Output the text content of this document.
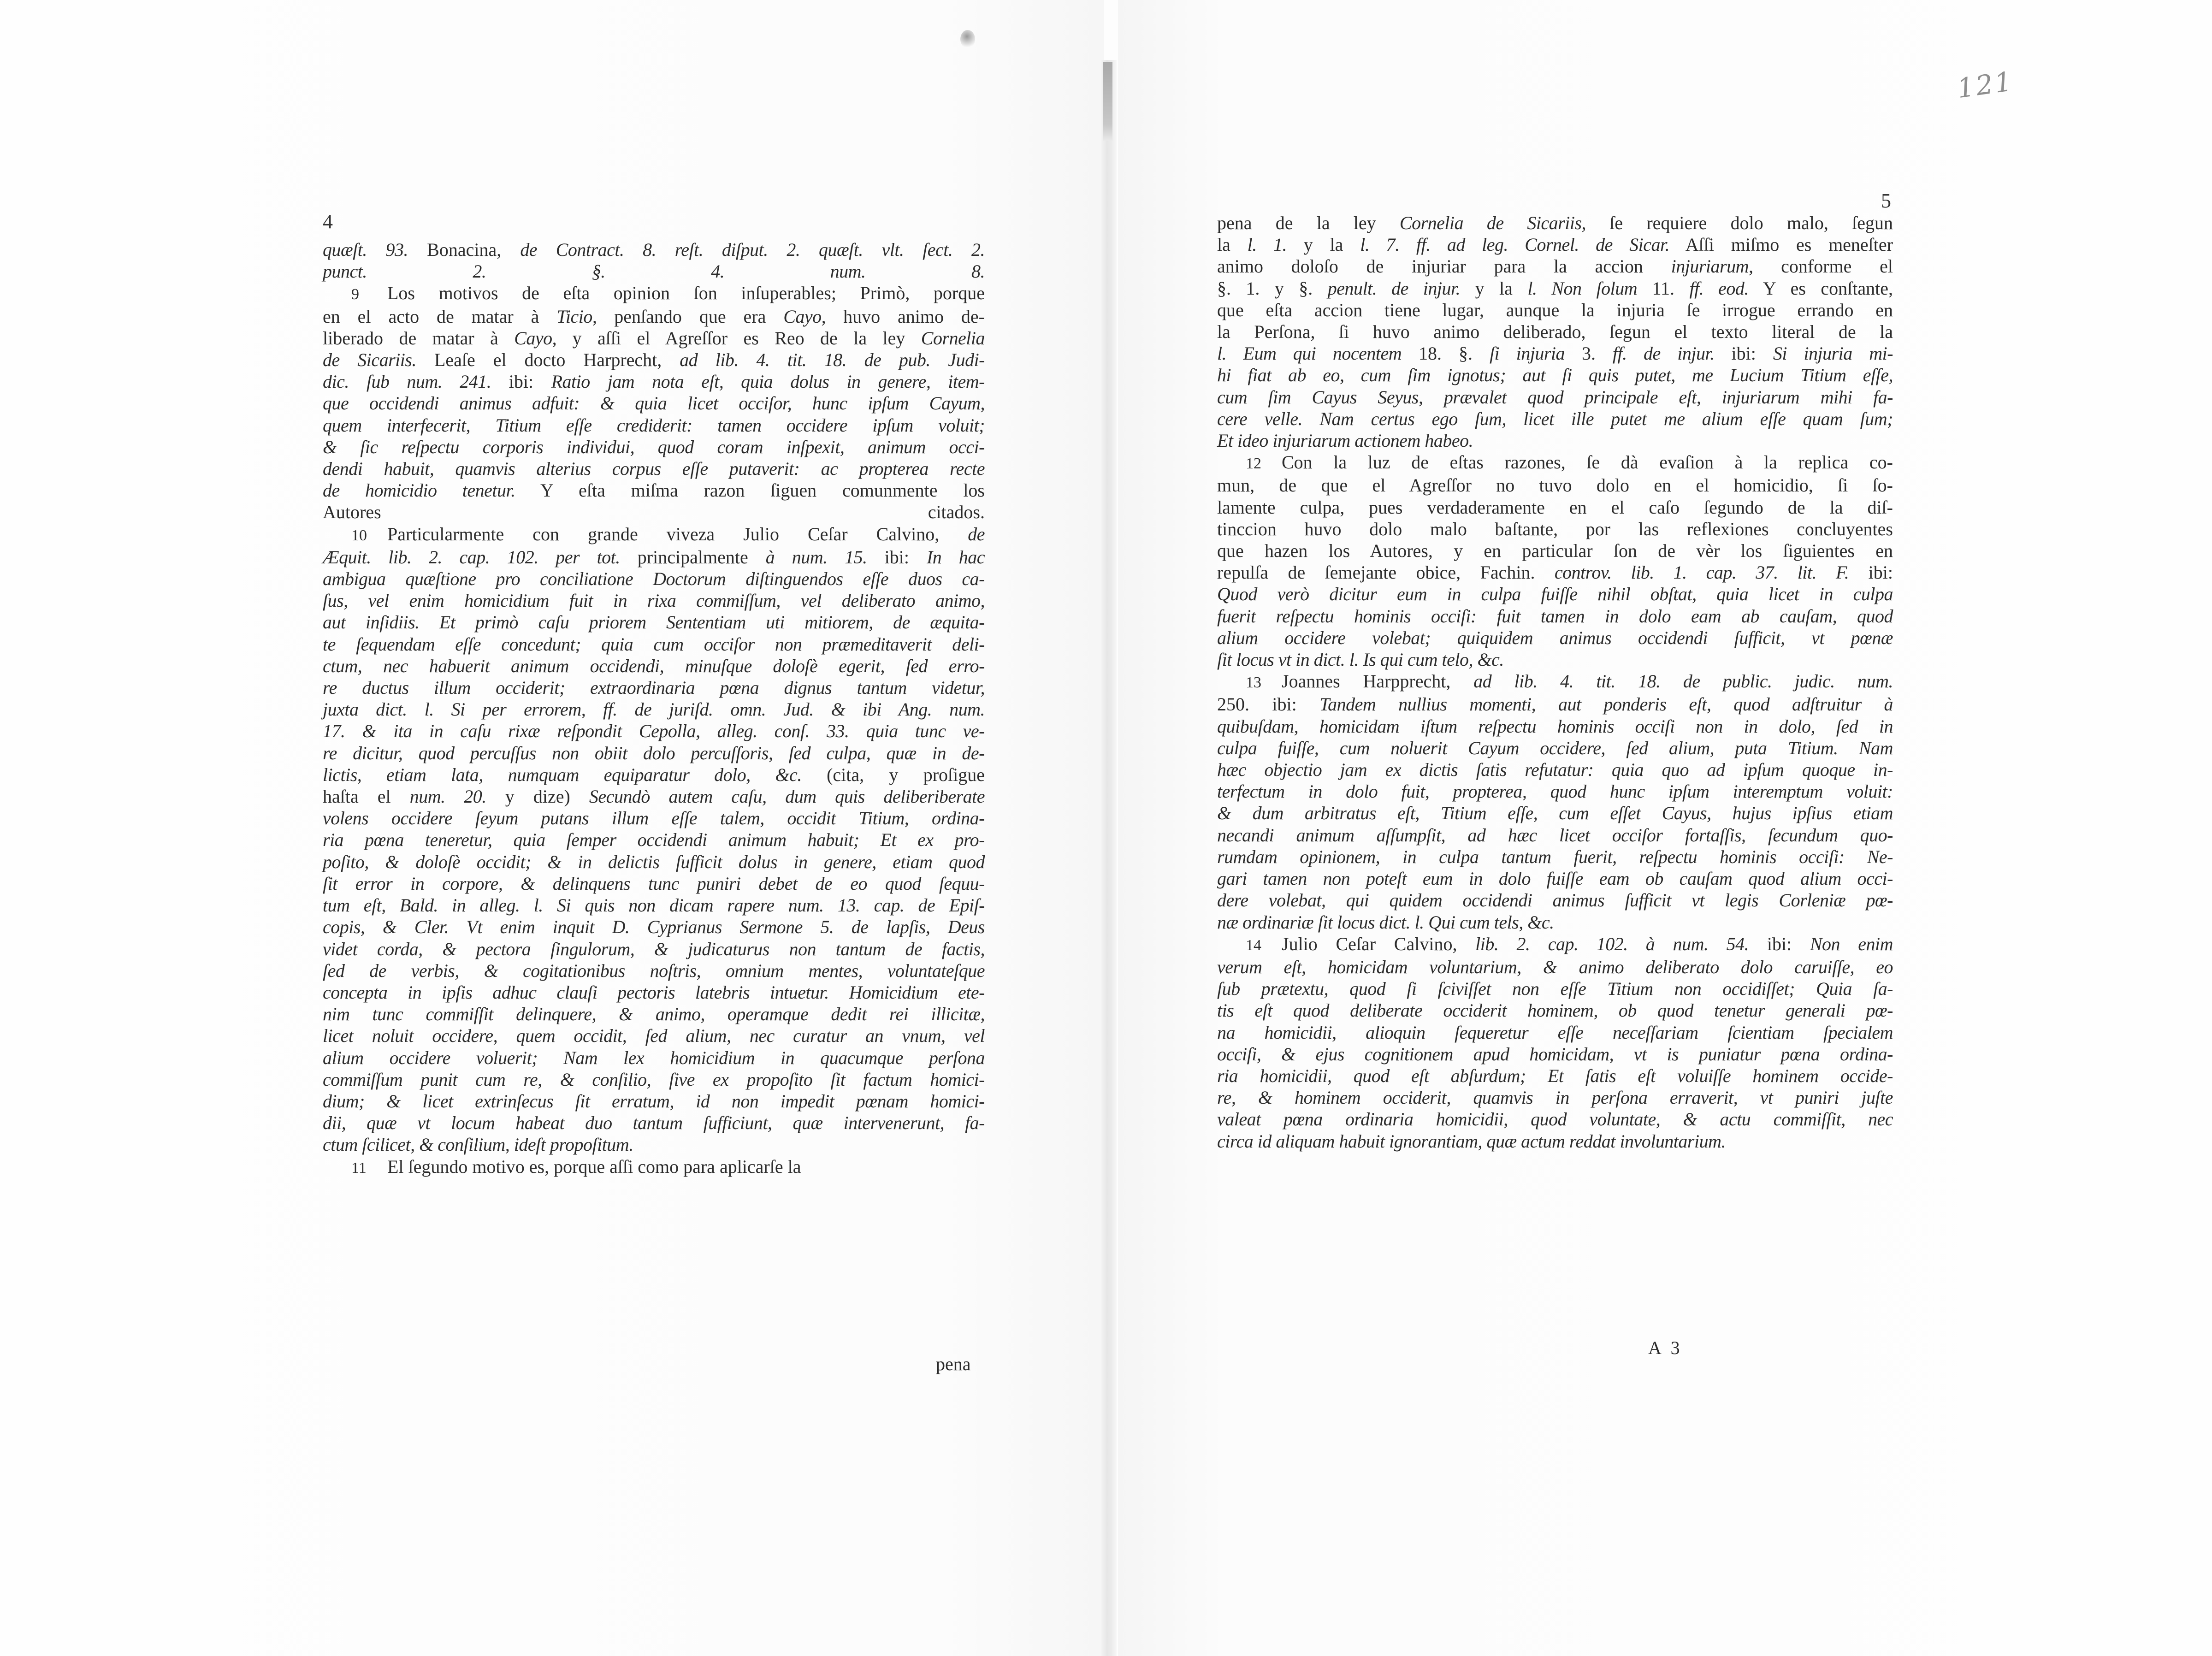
4
quæſt. 93. Bonacina, de Contract. 8. reſt. diſput. 2. quæſt. vlt. ſect. 2.
punct. 2. §. 4. num. 8.
9 Los motivos de eſta opinion ſon inſuperables; Primò, porque
en el acto de matar à Ticio, penſando que era Cayo, huvo animo de-
liberado de matar à Cayo, y aſſi el Agreſſor es Reo de la ley Cornelia
de Sicariis. Leaſe el docto Harprecht, ad lib. 4. tit. 18. de pub. Judi-
dic. ſub num. 241. ibi: Ratio jam nota eſt, quia dolus in genere, item-
que occidendi animus adfuit: & quia licet occiſor, hunc ipſum Cayum,
quem interfecerit, Titium eſſe crediderit: tamen occidere ipſum voluit;
& ſic reſpectu corporis individui, quod coram inſpexit, animum occi-
dendi habuit, quamvis alterius corpus eſſe putaverit: ac propterea recte
de homicidio tenetur. Y eſta miſma razon ſiguen comunmente los
Autores citados.
10 Particularmente con grande viveza Julio Ceſar Calvino, de
Æquit. lib. 2. cap. 102. per tot. principalmente à num. 15. ibi: In hac
ambigua quæſtione pro conciliatione Doctorum diſtinguendos eſſe duos ca-
ſus, vel enim homicidium fuit in rixa commiſſum, vel deliberato animo,
aut inſidiis. Et primò caſu priorem Sententiam uti mitiorem, de æquita-
te ſequendam eſſe concedunt; quia cum occiſor non præmeditaverit deli-
ctum, nec habuerit animum occidendi, minuſque doloſè egerit, ſed erro-
re ductus illum occiderit; extraordinaria pœna dignus tantum videtur,
juxta dict. l. Si per errorem, ff. de juriſd. omn. Jud. & ibi Ang. num.
17. & ita in caſu rixæ reſpondit Cepolla, alleg. conſ. 33. quia tunc ve-
re dicitur, quod percuſſus non obiit dolo percuſſoris, ſed culpa, quæ in de-
lictis, etiam lata, numquam equiparatur dolo, &c. (cita, y proſigue
haſta el num. 20. y dize) Secundò autem caſu, dum quis deliberiberate
volens occidere ſeyum putans illum eſſe talem, occidit Titium, ordina-
ria pœna teneretur, quia ſemper occidendi animum habuit; Et ex pro-
poſito, & doloſè occidit; & in delictis ſufficit dolus in genere, etiam quod
ſit error in corpore, & delinquens tunc puniri debet de eo quod ſequu-
tum eſt, Bald. in alleg. l. Si quis non dicam rapere num. 13. cap. de Epiſ-
copis, & Cler. Vt enim inquit D. Cyprianus Sermone 5. de lapſis, Deus
videt corda, & pectora ſingulorum, & judicaturus non tantum de factis,
ſed de verbis, & cogitationibus noſtris, omnium mentes, voluntateſque
concepta in ipſis adhuc clauſi pectoris latebris intuetur. Homicidium ete-
nim tunc commiſſit delinquere, & animo, operamque dedit rei illicitæ,
licet noluit occidere, quem occidit, ſed alium, nec curatur an vnum, vel
alium occidere voluerit; Nam lex homicidium in quacumque perſona
commiſſum punit cum re, & conſilio, ſive ex propoſito ſit factum homici-
dium; & licet extrinſecus ſit erratum, id non impedit pœnam homici-
dii, quæ vt locum habeat duo tantum ſufficiunt, quæ intervenerunt, fa-
ctum ſcilicet, & conſilium, ideſt propoſitum.
11 El ſegundo motivo es, porque aſſi como para aplicarſe la
pena
121
5
pena de la ley Cornelia de Sicariis, ſe requiere dolo malo, ſegun
la l. 1. y la l. 7. ff. ad leg. Cornel. de Sicar. Aſſi miſmo es meneſter
animo doloſo de injuriar para la accion injuriarum, conforme el
§. 1. y §. penult. de injur. y la l. Non ſolum 11. ff. eod. Y es conſtante,
que eſta accion tiene lugar, aunque la injuria ſe irrogue errando en
la Perſona, ſi huvo animo deliberado, ſegun el texto literal de la
l. Eum qui nocentem 18. §. ſi injuria 3. ff. de injur. ibi: Si injuria mi-
hi fiat ab eo, cum ſim ignotus; aut ſi quis putet, me Lucium Titium eſſe,
cum ſim Cayus Seyus, prævalet quod principale eſt, injuriarum mihi fa-
cere velle. Nam certus ego ſum, licet ille putet me alium eſſe quam ſum;
Et ideo injuriarum actionem habeo.
12 Con la luz de eſtas razones, ſe dà evaſion à la replica co-
mun, de que el Agreſſor no tuvo dolo en el homicidio, ſi ſo-
lamente culpa, pues verdaderamente en el caſo ſegundo de la diſ-
tinccion huvo dolo malo baſtante, por las reflexiones concluyentes
que hazen los Autores, y en particular ſon de vèr los ſiguientes en
repulſa de ſemejante obice, Fachin. controv. lib. 1. cap. 37. lit. F. ibi:
Quod verò dicitur eum in culpa fuiſſe nihil obſtat, quia licet in culpa
fuerit reſpectu hominis occiſi: fuit tamen in dolo eam ab cauſam, quod
alium occidere volebat; quiquidem animus occidendi ſufficit, vt pœnæ
ſit locus vt in dict. l. Is qui cum telo, &c.
13 Joannes Harpprecht, ad lib. 4. tit. 18. de public. judic. num.
250. ibi: Tandem nullius momenti, aut ponderis eſt, quod adſtruitur à
quibuſdam, homicidam iſtum reſpectu hominis occiſi non in dolo, ſed in
culpa fuiſſe, cum noluerit Cayum occidere, ſed alium, puta Titium. Nam
hæc objectio jam ex dictis ſatis refutatur: quia quo ad ipſum quoque in-
terfectum in dolo fuit, propterea, quod hunc ipſum interemptum voluit:
& dum arbitratus eſt, Titium eſſe, cum eſſet Cayus, hujus ipſius etiam
necandi animum aſſumpſit, ad hæc licet occiſor fortaſſis, ſecundum quo-
rumdam opinionem, in culpa tantum fuerit, reſpectu hominis occiſi: Ne-
gari tamen non poteſt eum in dolo fuiſſe eam ob cauſam quod alium occi-
dere volebat, qui quidem occidendi animus ſufficit vt legis Corleniæ pœ-
næ ordinariæ ſit locus dict. l. Qui cum tels, &c.
14 Julio Ceſar Calvino, lib. 2. cap. 102. à num. 54. ibi: Non enim
verum eſt, homicidam voluntarium, & animo deliberato dolo caruiſſe, eo
ſub prætextu, quod ſi ſciviſſet non eſſe Titium non occidiſſet; Quia ſa-
tis eſt quod deliberate occiderit hominem, ob quod tenetur generali pœ-
na homicidii, alioquin ſequeretur eſſe neceſſariam ſcientiam ſpecialem
occiſi, & ejus cognitionem apud homicidam, vt is puniatur pœna ordina-
ria homicidii, quod eſt abſurdum; Et ſatis eſt voluiſſe hominem occide-
re, & hominem occiderit, quamvis in perſona erraverit, vt puniri juſte
valeat pœna ordinaria homicidii, quod voluntate, & actu commiſſit, nec
circa id aliquam habuit ignorantiam, quæ actum reddat involuntarium.
A 3
